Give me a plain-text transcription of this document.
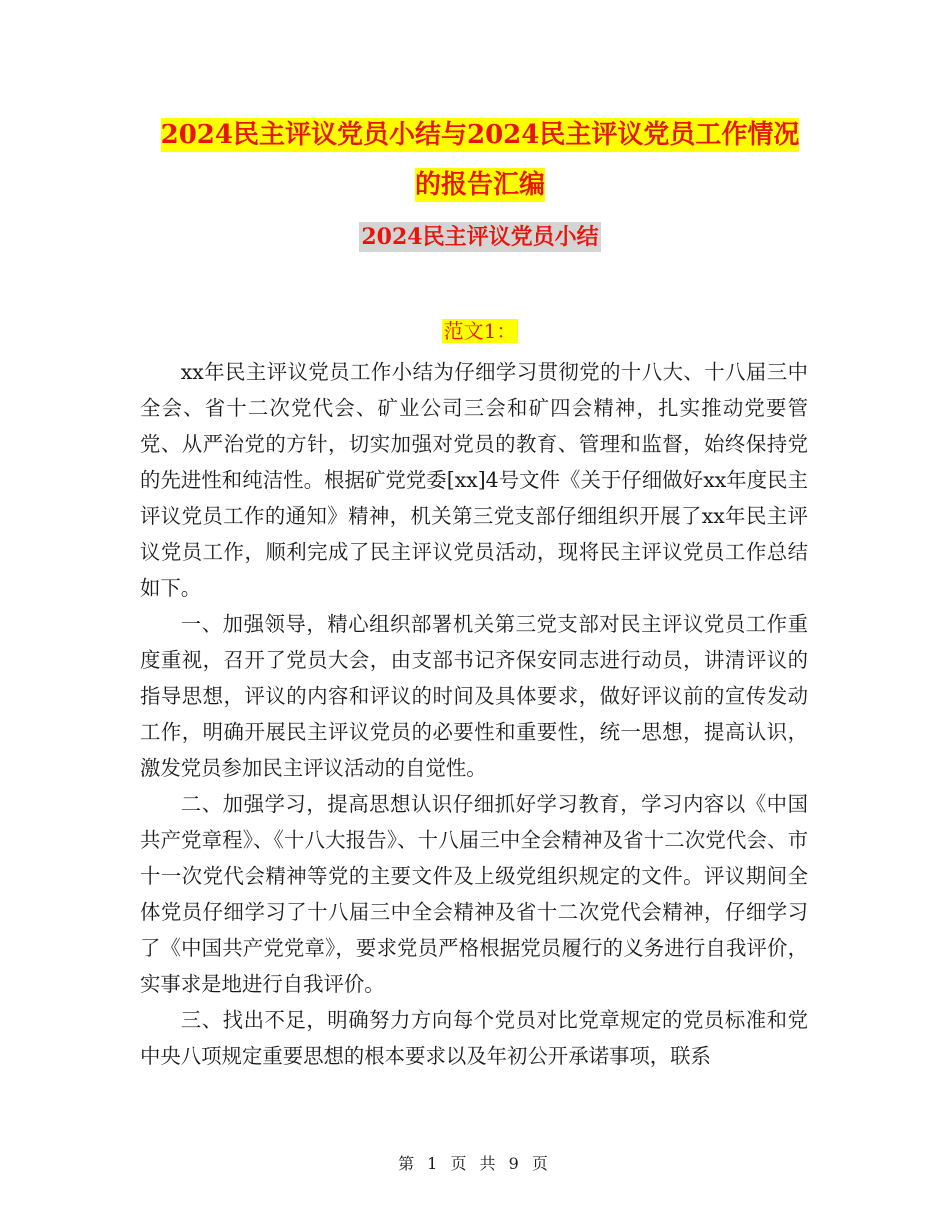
2024民主评议党员小结与2024民主评议党员工作情况
的报告汇编
2024民主评议党员小结
范文1：

xx年民主评议党员工作小结为仔细学习贯彻党的十八大、十八届三中全会、省十二次党代会、矿业公司三会和矿四会精神，扎实推动党要管党、从严治党的方针，切实加强对党员的教育、管理和监督，始终保持党的先进性和纯洁性。根据矿党党委[xx]4号文件《关于仔细做好xx年度民主评议党员工作的通知》精神，机关第三党支部仔细组织开展了xx年民主评议党员工作，顺利完成了民主评议党员活动，现将民主评议党员工作总结如下。

一、加强领导，精心组织部署机关第三党支部对民主评议党员工作重度重视，召开了党员大会，由支部书记齐保安同志进行动员，讲清评议的指导思想，评议的内容和评议的时间及具体要求，做好评议前的宣传发动工作，明确开展民主评议党员的必要性和重要性，统一思想，提高认识，激发党员参加民主评议活动的自觉性。

二、加强学习，提高思想认识仔细抓好学习教育，学习内容以《中国共产党章程》、《十八大报告》、十八届三中全会精神及省十二次党代会、市十一次党代会精神等党的主要文件及上级党组织规定的文件。评议期间全体党员仔细学习了十八届三中全会精神及省十二次党代会精神，仔细学习了《中国共产党党章》，要求党员严格根据党员履行的义务进行自我评价，实事求是地进行自我评价。

三、找出不足，明确努力方向每个党员对比党章规定的党员标准和党中央八项规定重要思想的根本要求以及年初公开承诺事项，联系

第 1 页 共 9 页
